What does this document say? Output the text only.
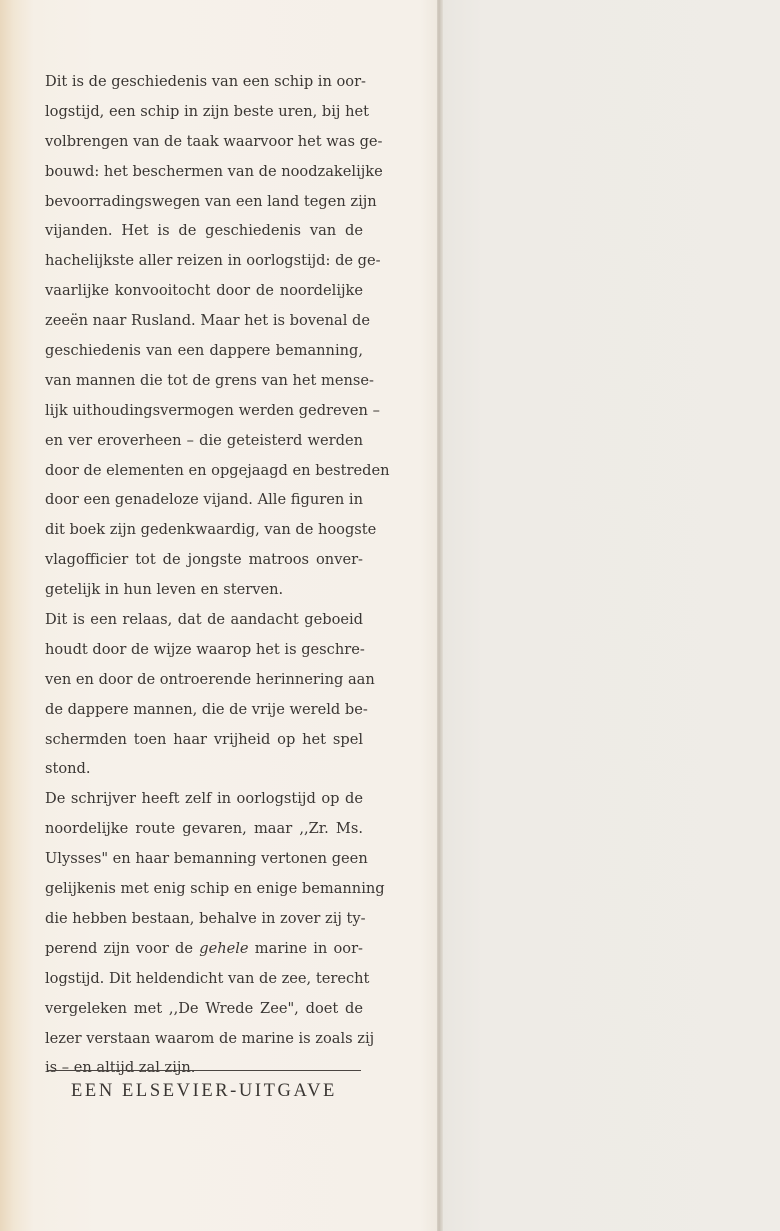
Dit is de geschiedenis van een schip in oor-
logstijd, een schip in zijn beste uren, bij het
volbrengen van de taak waarvoor het was ge-
bouwd: het beschermen van de noodzakelijke
bevoorradingswegen van een land tegen zijn
vijanden. Het is de geschiedenis van de
hachelijkste aller reizen in oorlogstijd: de ge-
vaarlijke konvooitocht door de noordelijke
zeeën naar Rusland. Maar het is bovenal de
geschiedenis van een dappere bemanning,
van mannen die tot de grens van het mense-
lijk uithoudingsvermogen werden gedreven –
en ver eroverheen – die geteisterd werden
door de elementen en opgejaagd en bestreden
door een genadeloze vijand. Alle figuren in
dit boek zijn gedenkwaardig, van de hoogste
vlagofficier tot de jongste matroos onver-
getelijk in hun leven en sterven.
Dit is een relaas, dat de aandacht geboeid
houdt door de wijze waarop het is geschre-
ven en door de ontroerende herinnering aan
de dappere mannen, die de vrije wereld be-
schermden toen haar vrijheid op het spel
stond.
De schrijver heeft zelf in oorlogstijd op de
noordelijke route gevaren, maar ,,Zr. Ms.
Ulysses" en haar bemanning vertonen geen
gelijkenis met enig schip en enige bemanning
die hebben bestaan, behalve in zover zij ty-
perend zijn voor de gehele marine in oor-
logstijd. Dit heldendicht van de zee, terecht
vergeleken met ,,De Wrede Zee", doet de
lezer verstaan waarom de marine is zoals zij
is – en altijd zal zijn.
EEN ELSEVIER-UITGAVE
